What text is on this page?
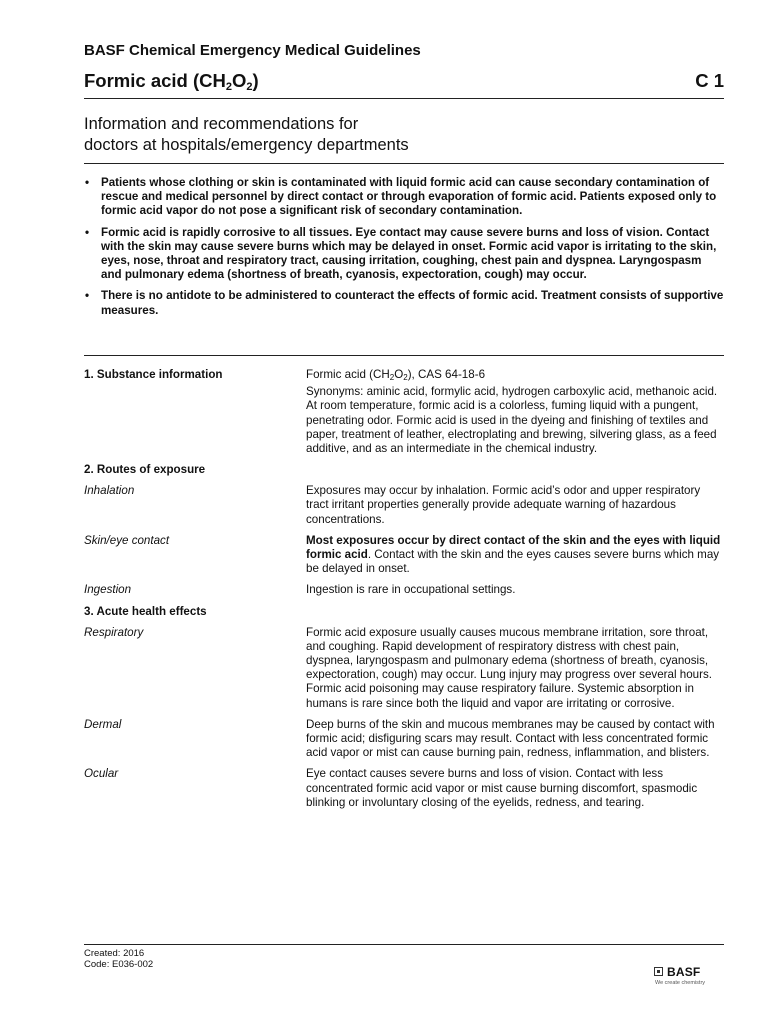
BASF Chemical Emergency Medical Guidelines
Formic acid $(CH_2O_2)$	C 1
Information and recommendations for
doctors at hospitals/emergency departments
• Patients whose clothing or skin is contaminated with liquid formic acid can cause secondary contamination of rescue and medical personnel by direct contact or through evaporation of formic acid. Patients exposed only to formic acid vapor do not pose a significant risk of secondary contamination.
• Formic acid is rapidly corrosive to all tissues. Eye contact may cause severe burns and loss of vision. Contact with the skin may cause severe burns which may be delayed in onset. Formic acid vapor is irritating to the skin, eyes, nose, throat and respiratory tract, causing irritation, coughing, chest pain and dyspnea. Laryngospasm and pulmonary edema (shortness of breath, cyanosis, expectoration, cough) may occur.
• There is no antidote to be administered to counteract the effects of formic acid. Treatment consists of supportive measures.
1. Substance information	Formic acid $(CH_2O_2)$, CAS 64-18-6

Synonyms: aminic acid, formylic acid, hydrogen carboxylic acid, methanoic acid.

At room temperature, formic acid is a colorless, fuming liquid with a pungent, penetrating odor. Formic acid is used in the dyeing and finishing of textiles and paper, treatment of leather, electroplating and brewing, silvering glass, as a feed additive, and as an intermediate in the chemical industry.

2. Routes of exposure
Inhalation	Exposures may occur by inhalation. Formic acid’s odor and upper respiratory tract irritant properties generally provide adequate warning of hazardous concentrations.
Skin/eye contact	Most exposures occur by direct contact of the skin and the eyes with liquid formic acid. Contact with the skin and the eyes causes severe burns which may be delayed in onset.
Ingestion	Ingestion is rare in occupational settings.
3. Acute health effects
Respiratory	Formic acid exposure usually causes mucous membrane irritation, sore throat, and coughing. Rapid development of respiratory distress with chest pain, dyspnea, laryngospasm and pulmonary edema (shortness of breath, cyanosis, expectoration, cough) may occur. Lung injury may progress over several hours. Formic acid poisoning may cause respiratory failure. Systemic absorption in humans is rare since both the liquid and vapor are irritating or corrosive.
Dermal	Deep burns of the skin and mucous membranes may be caused by contact with formic acid; disfiguring scars may result. Contact with less concentrated formic acid vapor or mist can cause burning pain, redness, inflammation, and blisters.
Ocular	Eye contact causes severe burns and loss of vision. Contact with less concentrated formic acid vapor or mist cause burning discomfort, spasmodic blinking or involuntary closing of the eyelids, redness, and tearing.
Created: 2016
Code: E036-002
BASF
We create chemistry
